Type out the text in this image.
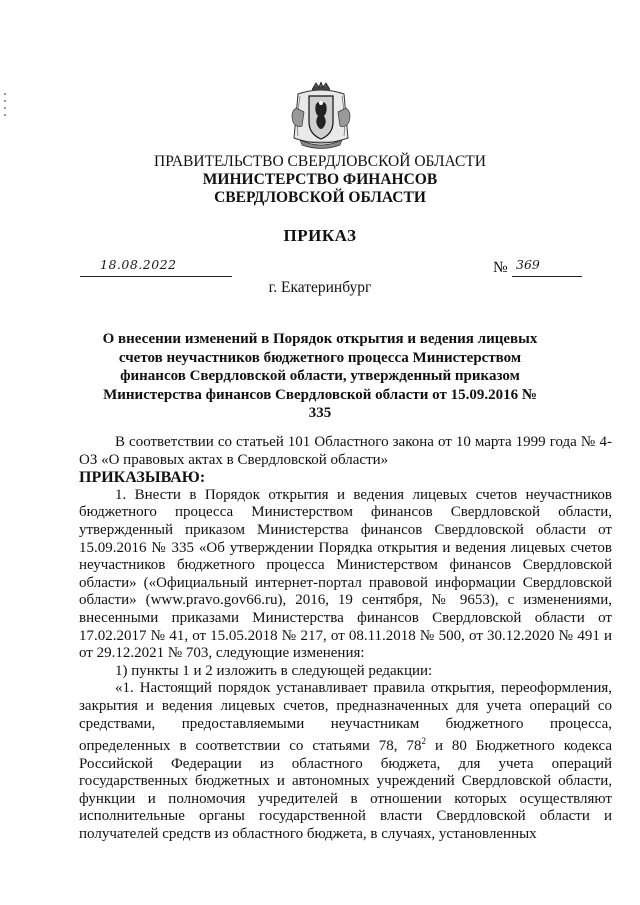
ПРАВИТЕЛЬСТВО СВЕРДЛОВСКОЙ ОБЛАСТИ
МИНИСТЕРСТВО ФИНАНСОВ
СВЕРДЛОВСКОЙ ОБЛАСТИ
ПРИКАЗ
18.08.2022	№ 369
г. Екатеринбург
О внесении изменений в Порядок открытия и ведения лицевых счетов неучастников бюджетного процесса Министерством финансов Свердловской области, утвержденный приказом Министерства финансов Свердловской области от 15.09.2016 № 335

В соответствии со статьей 101 Областного закона от 10 марта 1999 года № 4-ОЗ «О правовых актах в Свердловской области»

ПРИКАЗЫВАЮ:

1. Внести в Порядок открытия и ведения лицевых счетов неучастников бюджетного процесса Министерством финансов Свердловской области, утвержденный приказом Министерства финансов Свердловской области от 15.09.2016 № 335 «Об утверждении Порядка открытия и ведения лицевых счетов неучастников бюджетного процесса Министерством финансов Свердловской области» («Официальный интернет-портал правовой информации Свердловской области» (www.pravo.gov66.ru), 2016, 19 сентября, № 9653), с изменениями, внесенными приказами Министерства финансов Свердловской области от 17.02.2017 № 41, от 15.05.2018 № 217, от 08.11.2018 № 500, от 30.12.2020 № 491 и от 29.12.2021 № 703, следующие изменения:

1) пункты 1 и 2 изложить в следующей редакции:

«1. Настоящий порядок устанавливает правила открытия, переоформления, закрытия и ведения лицевых счетов, предназначенных для учета операций со средствами, предоставляемыми неучастникам бюджетного процесса, определенных в соответствии со статьями 78, $78^2$ и 80 Бюджетного кодекса Российской Федерации из областного бюджета, для учета операций государственных бюджетных и автономных учреждений Свердловской области, функции и полномочия учредителей в отношении которых осуществляют исполнительные органы государственной власти Свердловской области и получателей средств из областного бюджета, в случаях, установленных
